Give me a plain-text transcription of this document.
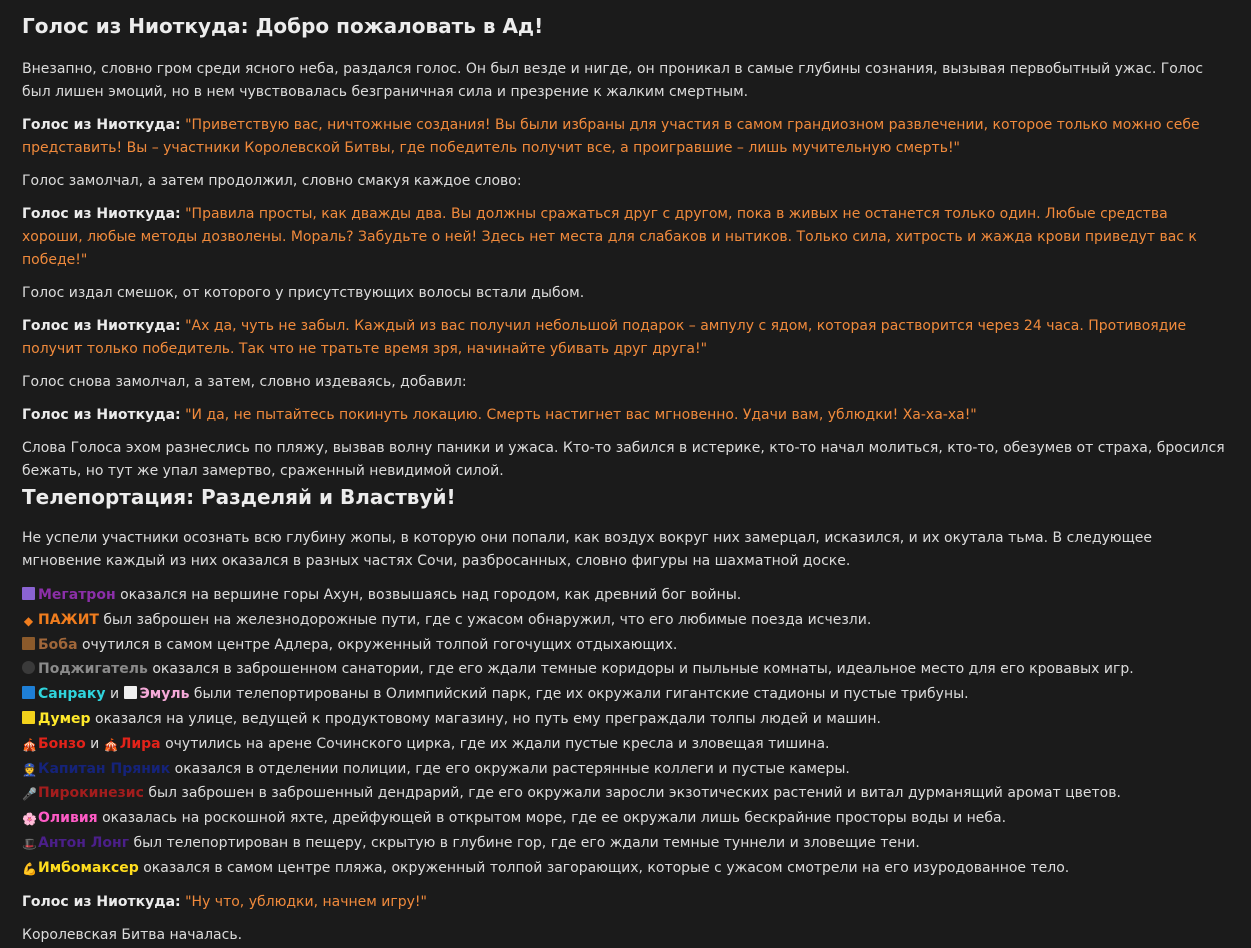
Голос из Ниоткуда: Добро пожаловать в Ад!

Внезапно, словно гром среди ясного неба, раздался голос. Он был везде и нигде, он проникал в самые глубины сознания, вызывая первобытный ужас. Голос был лишен эмоций, но в нем чувствовалась безграничная сила и презрение к жалким смертным.

Голос из Ниоткуда: "Приветствую вас, ничтожные создания! Вы были избраны для участия в самом грандиозном развлечении, которое только можно себе представить! Вы – участники Королевской Битвы, где победитель получит все, а проигравшие – лишь мучительную смерть!"

Голос замолчал, а затем продолжил, словно смакуя каждое слово:

Голос из Ниоткуда: "Правила просты, как дважды два. Вы должны сражаться друг с другом, пока в живых не останется только один. Любые средства хороши, любые методы дозволены. Мораль? Забудьте о ней! Здесь нет места для слабаков и нытиков. Только сила, хитрость и жажда крови приведут вас к победе!"

Голос издал смешок, от которого у присутствующих волосы встали дыбом.

Голос из Ниоткуда: "Ах да, чуть не забыл. Каждый из вас получил небольшой подарок – ампулу с ядом, которая растворится через 24 часа. Противоядие получит только победитель. Так что не тратьте время зря, начинайте убивать друг друга!"

Голос снова замолчал, а затем, словно издеваясь, добавил:

Голос из Ниоткуда: "И да, не пытайтесь покинуть локацию. Смерть настигнет вас мгновенно. Удачи вам, ублюдки! Ха-ха-ха!"

Слова Голоса эхом разнеслись по пляжу, вызвав волну паники и ужаса. Кто-то забился в истерике, кто-то начал молиться, кто-то, обезумев от страха, бросился бежать, но тут же упал замертво, сраженный невидимой силой.

Телепортация: Разделяй и Властвуй!

Не успели участники осознать всю глубину жопы, в которую они попали, как воздух вокруг них замерцал, исказился, и их окутала тьма. В следующее мгновение каждый из них оказался в разных частях Сочи, разбросанных, словно фигуры на шахматной доске.

Мегатрон оказался на вершине горы Ахун, возвышаясь над городом, как древний бог войны.
◆ ПАЖИТ был заброшен на железнодорожные пути, где с ужасом обнаружил, что его любимые поезда исчезли.
Боба очутился в самом центре Адлера, окруженный толпой гогочущих отдыхающих.
Поджигатель оказался в заброшенном санатории, где его ждали темные коридоры и пыльные комнаты, идеальное место для его кровавых игр.
Санраку и Эмуль были телепортированы в Олимпийский парк, где их окружали гигантские стадионы и пустые трибуны.
Думер оказался на улице, ведущей к продуктовому магазину, но путь ему преграждали толпы людей и машин.
🎪Бонзо и 🎪Лира очутились на арене Сочинского цирка, где их ждали пустые кресла и зловещая тишина.
👮Капитан Пряник оказался в отделении полиции, где его окружали растерянные коллеги и пустые камеры.
🎤Пирокинезис был заброшен в заброшенный дендрарий, где его окружали заросли экзотических растений и витал дурманящий аромат цветов.
🌸Оливия оказалась на роскошной яхте, дрейфующей в открытом море, где ее окружали лишь бескрайние просторы воды и неба.
🎩Антон Лонг был телепортирован в пещеру, скрытую в глубине гор, где его ждали темные туннели и зловещие тени.
💪Имбомаксер оказался в самом центре пляжа, окруженный толпой загорающих, которые с ужасом смотрели на его изуродованное тело.

Голос из Ниоткуда: "Ну что, ублюдки, начнем игру!"

Королевская Битва началась.
